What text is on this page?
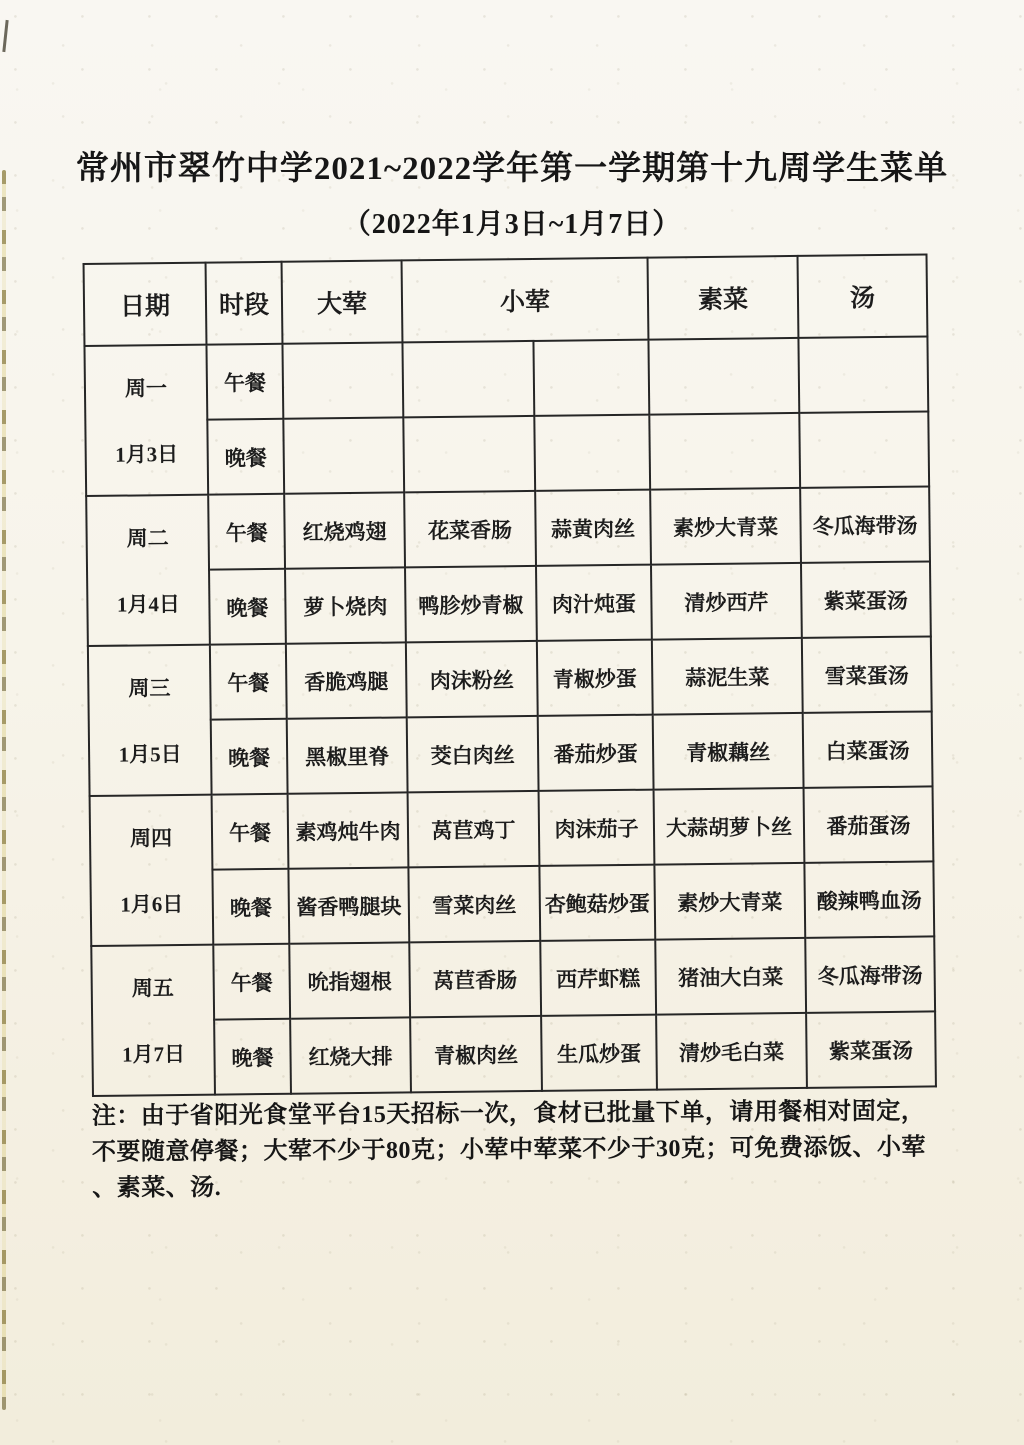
常州市翠竹中学2021~2022学年第一学期第十九周学生菜单
（2022年1月3日~1月7日）
日期	时段	大荤	小荤		素菜	汤

周一
1月3日	午餐					
	晚餐					

周二
1月4日	午餐	红烧鸡翅	花菜香肠	蒜黄肉丝	素炒大青菜	冬瓜海带汤
	晚餐	萝卜烧肉	鸭胗炒青椒	肉汁炖蛋	清炒西芹	紫菜蛋汤

周三
1月5日	午餐	香脆鸡腿	肉沫粉丝	青椒炒蛋	蒜泥生菜	雪菜蛋汤
	晚餐	黑椒里脊	茭白肉丝	番茄炒蛋	青椒藕丝	白菜蛋汤

周四
1月6日	午餐	素鸡炖牛肉	莴苣鸡丁	肉沫茄子	大蒜胡萝卜丝	番茄蛋汤
	晚餐	酱香鸭腿块	雪菜肉丝	杏鲍菇炒蛋	素炒大青菜	酸辣鸭血汤

周五
1月7日	午餐	吮指翅根	莴苣香肠	西芹虾糕	猪油大白菜	冬瓜海带汤
	晚餐	红烧大排	青椒肉丝	生瓜炒蛋	清炒毛白菜	紫菜蛋汤
注：由于省阳光食堂平台15天招标一次，食材已批量下单，请用餐相对固定，
不要随意停餐；大荤不少于80克；小荤中荤菜不少于30克；可免费添饭、小荤
、素菜、汤.
